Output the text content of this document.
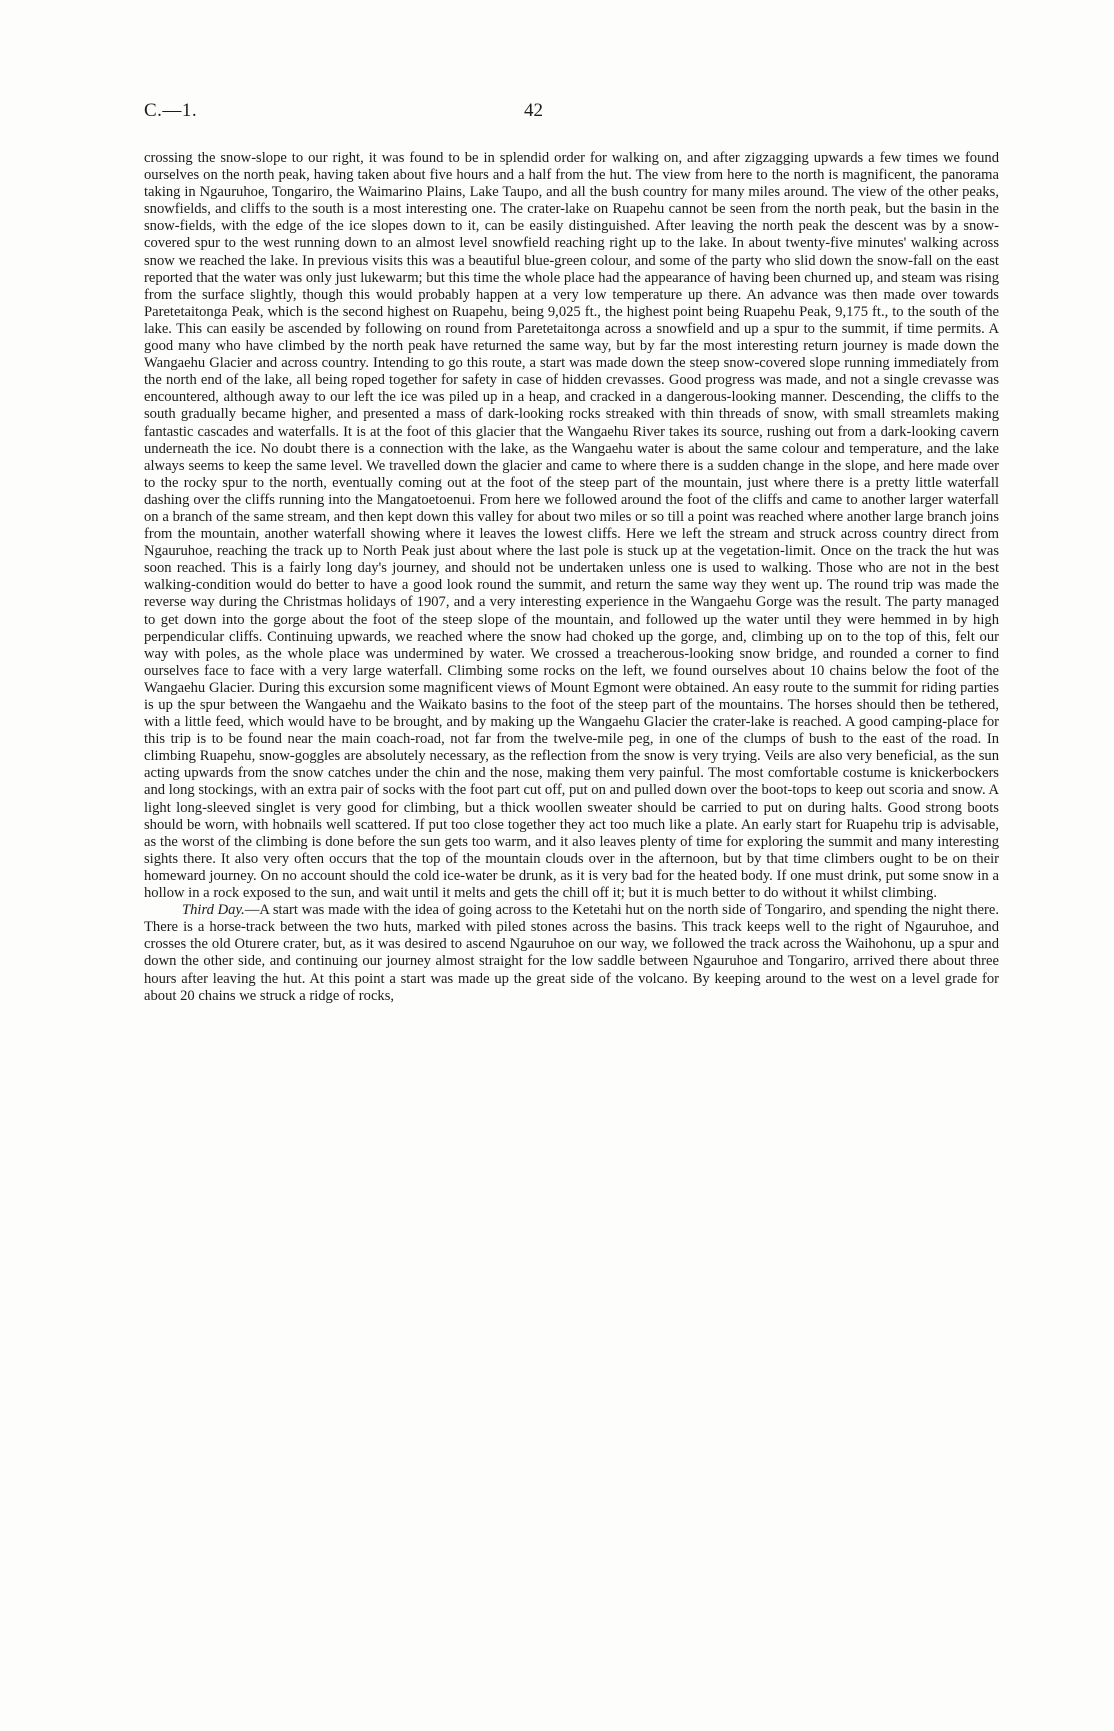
C.—1.	42

crossing the snow-slope to our right, it was found to be in splendid order for walking on, and after zigzagging upwards a few times we found ourselves on the north peak, having taken about five hours and a half from the hut. The view from here to the north is magnificent, the panorama taking in Ngauruhoe, Tongariro, the Waimarino Plains, Lake Taupo, and all the bush country for many miles around. The view of the other peaks, snowfields, and cliffs to the south is a most interesting one. The crater-lake on Ruapehu cannot be seen from the north peak, but the basin in the snow-fields, with the edge of the ice slopes down to it, can be easily distinguished. After leaving the north peak the descent was by a snow-covered spur to the west running down to an almost level snowfield reaching right up to the lake. In about twenty-five minutes' walking across snow we reached the lake. In previous visits this was a beautiful blue-green colour, and some of the party who slid down the snow-fall on the east reported that the water was only just lukewarm; but this time the whole place had the appearance of having been churned up, and steam was rising from the surface slightly, though this would probably happen at a very low temperature up there. An advance was then made over towards Paretetaitonga Peak, which is the second highest on Ruapehu, being 9,025 ft., the highest point being Ruapehu Peak, 9,175 ft., to the south of the lake. This can easily be ascended by following on round from Paretetaitonga across a snowfield and up a spur to the summit, if time permits. A good many who have climbed by the north peak have returned the same way, but by far the most interesting return journey is made down the Wangaehu Glacier and across country. Intending to go this route, a start was made down the steep snow-covered slope running immediately from the north end of the lake, all being roped together for safety in case of hidden crevasses. Good progress was made, and not a single crevasse was encountered, although away to our left the ice was piled up in a heap, and cracked in a dangerous-looking manner. Descending, the cliffs to the south gradually became higher, and presented a mass of dark-looking rocks streaked with thin threads of snow, with small streamlets making fantastic cascades and waterfalls. It is at the foot of this glacier that the Wangaehu River takes its source, rushing out from a dark-looking cavern underneath the ice. No doubt there is a connection with the lake, as the Wangaehu water is about the same colour and temperature, and the lake always seems to keep the same level. We travelled down the glacier and came to where there is a sudden change in the slope, and here made over to the rocky spur to the north, eventually coming out at the foot of the steep part of the mountain, just where there is a pretty little waterfall dashing over the cliffs running into the Mangatoetoenui. From here we followed around the foot of the cliffs and came to another larger waterfall on a branch of the same stream, and then kept down this valley for about two miles or so till a point was reached where another large branch joins from the mountain, another waterfall showing where it leaves the lowest cliffs. Here we left the stream and struck across country direct from Ngauruhoe, reaching the track up to North Peak just about where the last pole is stuck up at the vegetation-limit. Once on the track the hut was soon reached. This is a fairly long day's journey, and should not be undertaken unless one is used to walking. Those who are not in the best walking-condition would do better to have a good look round the summit, and return the same way they went up. The round trip was made the reverse way during the Christmas holidays of 1907, and a very interesting experience in the Wangaehu Gorge was the result. The party managed to get down into the gorge about the foot of the steep slope of the mountain, and followed up the water until they were hemmed in by high perpendicular cliffs. Continuing upwards, we reached where the snow had choked up the gorge, and, climbing up on to the top of this, felt our way with poles, as the whole place was undermined by water. We crossed a treacherous-looking snow bridge, and rounded a corner to find ourselves face to face with a very large waterfall. Climbing some rocks on the left, we found ourselves about 10 chains below the foot of the Wangaehu Glacier. During this excursion some magnificent views of Mount Egmont were obtained. An easy route to the summit for riding parties is up the spur between the Wangaehu and the Waikato basins to the foot of the steep part of the mountains. The horses should then be tethered, with a little feed, which would have to be brought, and by making up the Wangaehu Glacier the crater-lake is reached. A good camping-place for this trip is to be found near the main coach-road, not far from the twelve-mile peg, in one of the clumps of bush to the east of the road. In climbing Ruapehu, snow-goggles are absolutely necessary, as the reflection from the snow is very trying. Veils are also very beneficial, as the sun acting upwards from the snow catches under the chin and the nose, making them very painful. The most comfortable costume is knickerbockers and long stockings, with an extra pair of socks with the foot part cut off, put on and pulled down over the boot-tops to keep out scoria and snow. A light long-sleeved singlet is very good for climbing, but a thick woollen sweater should be carried to put on during halts. Good strong boots should be worn, with hobnails well scattered. If put too close together they act too much like a plate. An early start for Ruapehu trip is advisable, as the worst of the climbing is done before the sun gets too warm, and it also leaves plenty of time for exploring the summit and many interesting sights there. It also very often occurs that the top of the mountain clouds over in the afternoon, but by that time climbers ought to be on their homeward journey. On no account should the cold ice-water be drunk, as it is very bad for the heated body. If one must drink, put some snow in a hollow in a rock exposed to the sun, and wait until it melts and gets the chill off it; but it is much better to do without it whilst climbing.

Third Day.—A start was made with the idea of going across to the Ketetahi hut on the north side of Tongariro, and spending the night there. There is a horse-track between the two huts, marked with piled stones across the basins. This track keeps well to the right of Ngauruhoe, and crosses the old Oturere crater, but, as it was desired to ascend Ngauruhoe on our way, we followed the track across the Waihohonu, up a spur and down the other side, and continuing our journey almost straight for the low saddle between Ngauruhoe and Tongariro, arrived there about three hours after leaving the hut. At this point a start was made up the great side of the volcano. By keeping around to the west on a level grade for about 20 chains we struck a ridge of rocks,
